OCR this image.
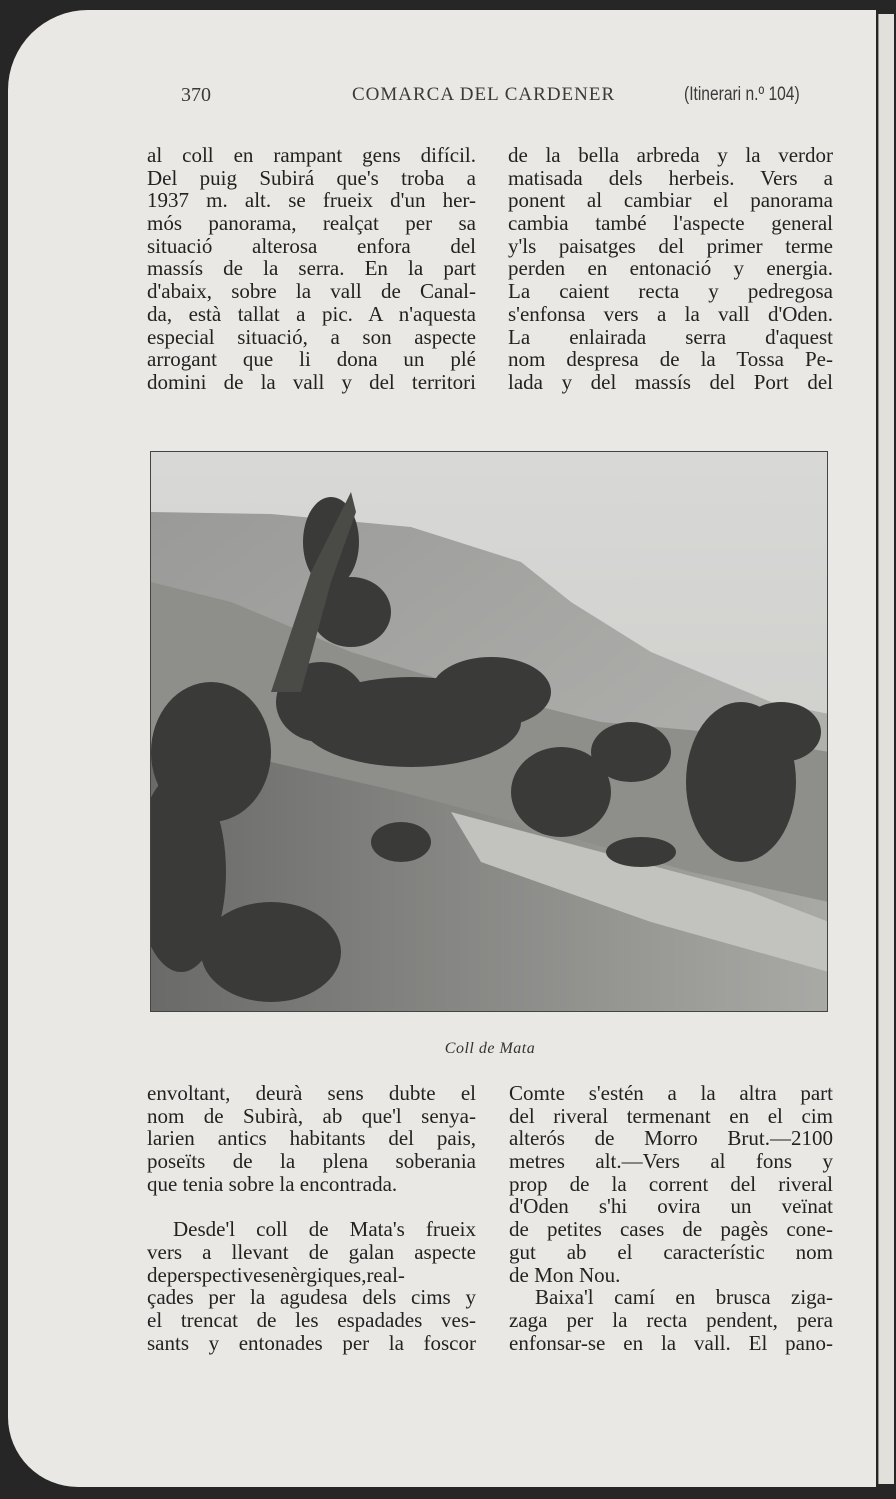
370	COMARCA DEL CARDENER	(Itinerari n.º 104)
al coll en rampant gens difícil.
Del puig Subirá que's troba a
1937 m. alt. se frueix d'un her-
mós panorama, realçat per sa
situació alterosa enfora del
massís de la serra. En la part
d'abaix, sobre la vall de Canal-
da, està tallat a pic. A n'aquesta
especial situació, a son aspecte
arrogant que li dona un plé
domini de la vall y del territori
de la bella arbreda y la verdor
matisada dels herbeis. Vers a
ponent al cambiar el panorama
cambia també l'aspecte general
y'ls paisatges del primer terme
perden en entonació y energia.
La caient recta y pedregosa
s'enfonsa vers a la vall d'Oden.
La enlairada serra d'aquest
nom despresa de la Tossa Pe-
lada y del massís del Port del
Coll de Mata
envoltant, deurà sens dubte el
nom de Subirà, ab que'l senya-
larien antics habitants del pais,
poseïts de la plena soberania
que tenia sobre la encontrada.
Desde'l coll de Mata's frueix
vers a llevant de galan aspecte
deperspectivesenèrgiques,real-
çades per la agudesa dels cims y
el trencat de les espadades ves-
sants y entonades per la foscor
Comte s'estén a la altra part
del riveral termenant en el cim
alterós de Morro Brut.—2100
metres alt.—Vers al fons y
prop de la corrent del riveral
d'Oden s'hi ovira un veïnat
de petites cases de pagès cone-
gut ab el característic nom
de Mon Nou.
Baixa'l camí en brusca ziga-
zaga per la recta pendent, pera
enfonsar-se en la vall. El pano-
